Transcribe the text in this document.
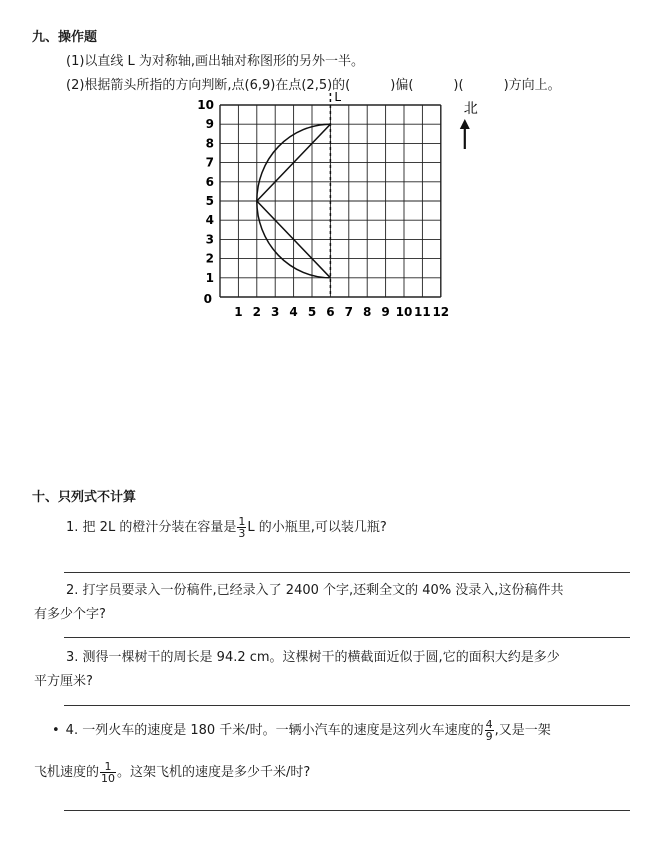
九、操作题
(1)以直线 L 为对称轴,画出轴对称图形的另外一半。
(2)根据箭头所指的方向判断,点(6,9)在点(2,5)的(	)偏(	)(	)方向上。
L
1 2 3 4 5 6 7 8 9 10 11 12
1
2
3
4
5
6
7
8
9
10
0
北
十、只列式不计算
1. 把 2L 的橙汁分装在容量是 $\frac{1}{3}$ L 的小瓶里,可以装几瓶?
2. 打字员要录入一份稿件,已经录入了 2400 个字,还剩全文的 40% 没录入,这份稿件共
有多少个字?
3. 测得一棵树干的周长是 94.2 cm。这棵树干的横截面近似于圆,它的面积大约是多少
平方厘米?
• 4. 一列火车的速度是 180 千米/时。一辆小汽车的速度是这列火车速度的 $\frac{4}{9}$ ,又是一架
飞机速度的 $\frac{1}{10}$ 。这架飞机的速度是多少千米/时?
